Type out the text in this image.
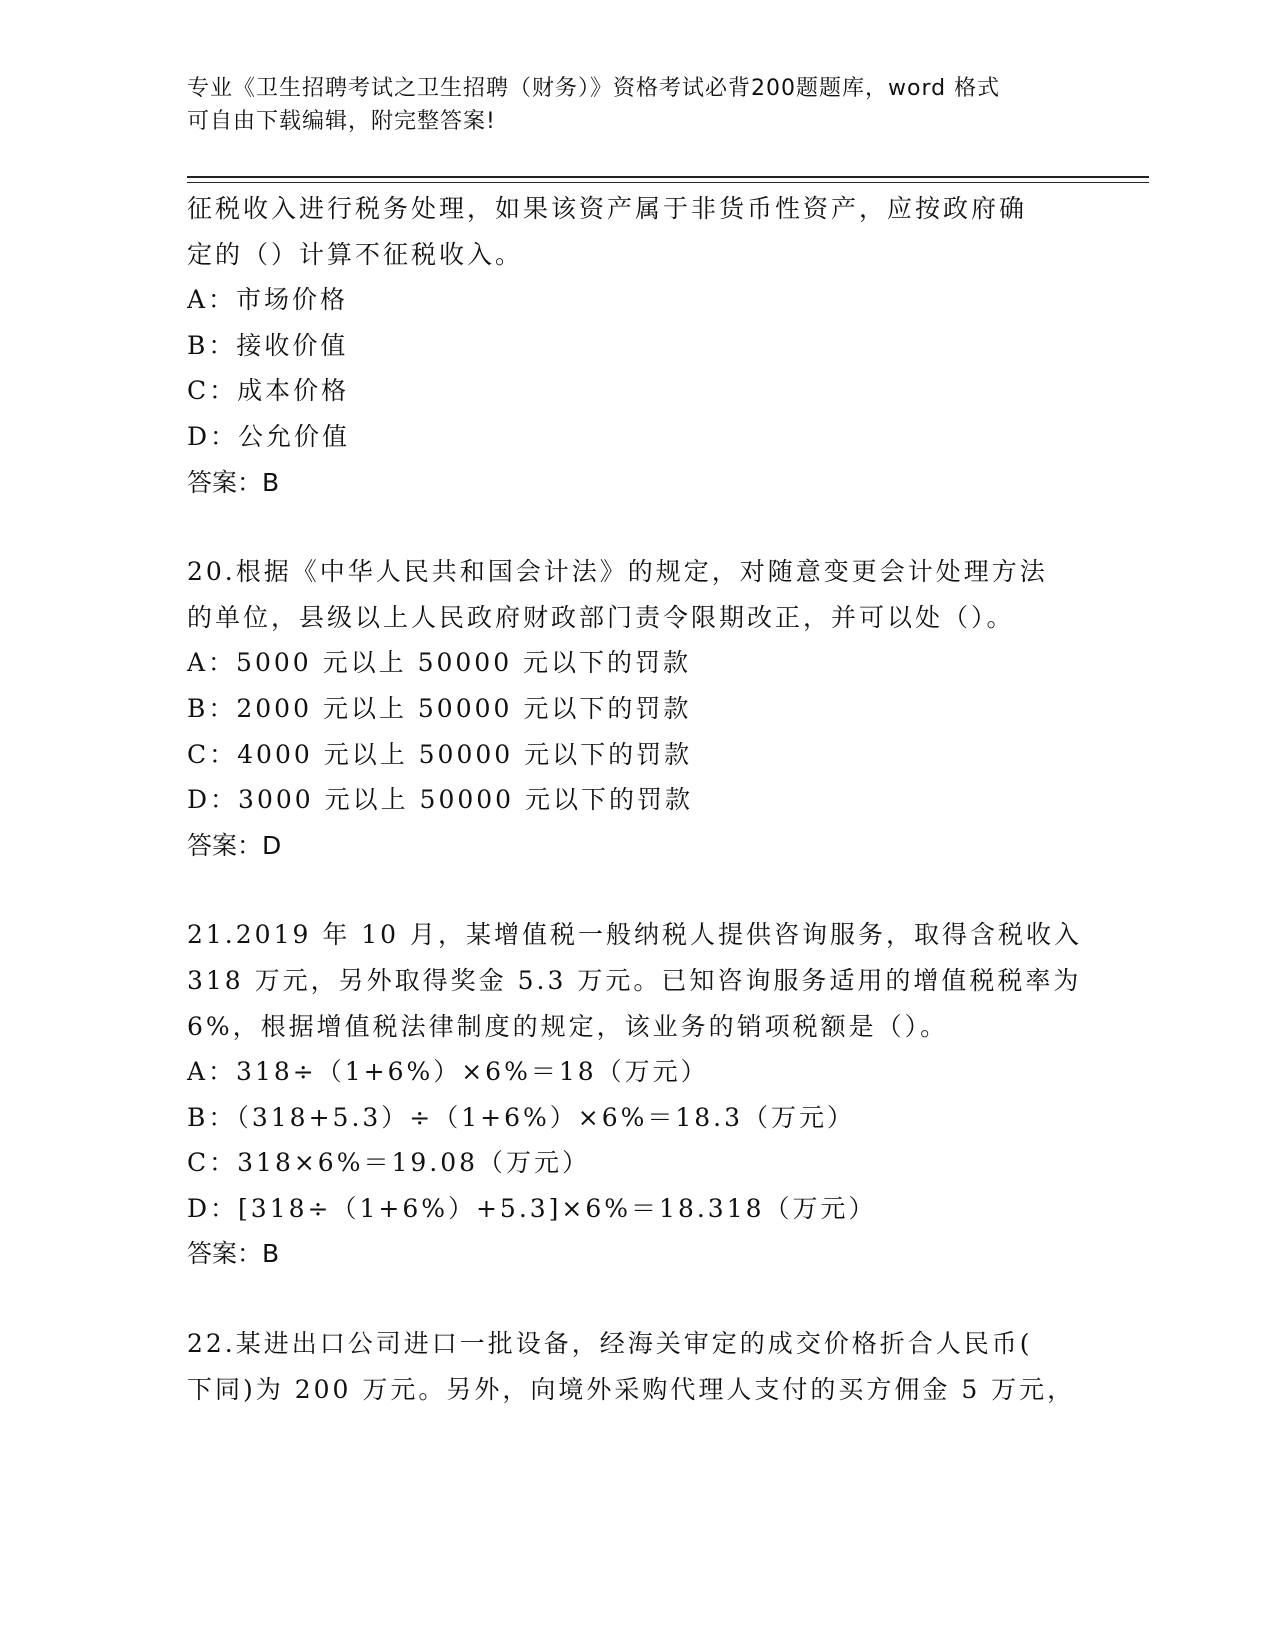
专业《卫生招聘考试之卫生招聘（财务）》资格考试必背200题题库，word 格式
可自由下载编辑，附完整答案!
征税收入进行税务处理，如果该资产属于非货币性资产，应按政府确
定的（）计算不征税收入。
A：市场价格
B：接收价值
C：成本价格
D：公允价值
答案：B
20.根据《中华人民共和国会计法》的规定，对随意变更会计处理方法
的单位，县级以上人民政府财政部门责令限期改正，并可以处（）。
A：5000 元以上 50000 元以下的罚款
B：2000 元以上 50000 元以下的罚款
C：4000 元以上 50000 元以下的罚款
D：3000 元以上 50000 元以下的罚款
答案：D
21.2019 年 10 月，某增值税一般纳税人提供咨询服务，取得含税收入
318 万元，另外取得奖金 5.3 万元。已知咨询服务适用的增值税税率为
6%，根据增值税法律制度的规定，该业务的销项税额是（）。
A：318÷（1+6%）×6%＝18（万元）
B：（318+5.3）÷（1+6%）×6%＝18.3（万元）
C：318×6%＝19.08（万元）
D：[318÷（1+6%）+5.3]×6%＝18.318（万元）
答案：B
22.某进出口公司进口一批设备，经海关审定的成交价格折合人民币(
下同)为 200 万元。另外，向境外采购代理人支付的买方佣金 5 万元，
